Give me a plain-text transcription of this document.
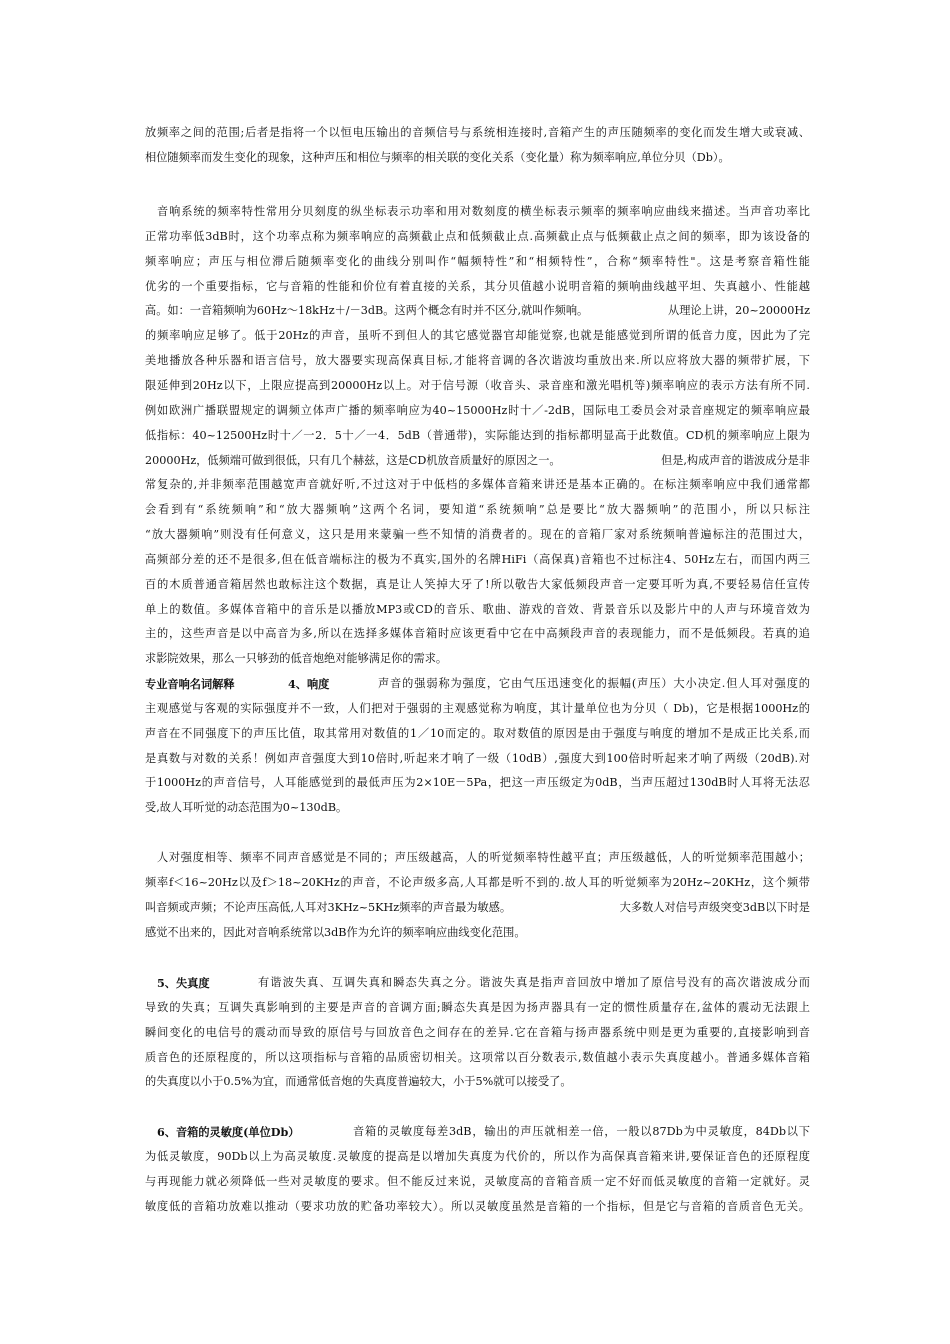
放频率之间的范围;后者是指将一个以恒电压输出的音频信号与系统相连接时,音箱产生的声压随频率的变化而发生增大或衰减、
相位随频率而发生变化的现象，这种声压和相位与频率的相关联的变化关系（变化量）称为频率响应,单位分贝（Db）。
音响系统的频率特性常用分贝刻度的纵坐标表示功率和用对数刻度的横坐标表示频率的频率响应曲线来描述。当声音功率比
正常功率低3dB时，这个功率点称为频率响应的高频截止点和低频截止点.高频截止点与低频截止点之间的频率，即为该设备的
频率响应；声压与相位滞后随频率变化的曲线分别叫作“幅频特性”和“相频特性”，合称“频率特性"。这是考察音箱性能
优劣的一个重要指标，它与音箱的性能和价位有着直接的关系，其分贝值越小说明音箱的频响曲线越平坦、失真越小、性能越
高。如：一音箱频响为60Hz～18kHz＋/－3dB。这两个概念有时并不区分,就叫作频响。	从理论上讲，20~20000Hz
的频率响应足够了。低于20Hz的声音，虽听不到但人的其它感觉器官却能觉察,也就是能感觉到所谓的低音力度，因此为了完
美地播放各种乐器和语言信号，放大器要实现高保真目标,才能将音调的各次谐波均重放出来.所以应将放大器的频带扩展，下
限延伸到20Hz以下，上限应提高到20000Hz以上。对于信号源（收音头、录音座和激光唱机等)频率响应的表示方法有所不同.
例如欧洲广播联盟规定的调频立体声广播的频率响应为40~15000Hz时十／-2dB，国际电工委员会对录音座规定的频率响应最
低指标：40~12500Hz时十／一2．5十／一4．5dB（普通带)，实际能达到的指标都明显高于此数值。CD机的频率响应上限为
20000Hz，低频端可做到很低，只有几个赫兹，这是CD机放音质量好的原因之一。	但是,构成声音的谐波成分是非
常复杂的,并非频率范围越宽声音就好听,不过这对于中低档的多媒体音箱来讲还是基本正确的。在标注频率响应中我们通常都
会看到有“系统频响”和“放大器频响”这两个名词，要知道“系统频响”总是要比“放大器频响”的范围小，所以只标注
“放大器频响”则没有任何意义，这只是用来蒙骗一些不知情的消费者的。现在的音箱厂家对系统频响普遍标注的范围过大，
高频部分差的还不是很多,但在低音端标注的极为不真实,国外的名牌HiFi（高保真)音箱也不过标注4、50Hz左右，而国内两三
百的木质普通音箱居然也敢标注这个数据，真是让人笑掉大牙了!所以敬告大家低频段声音一定要耳听为真,不要轻易信任宣传
单上的数值。多媒体音箱中的音乐是以播放MP3或CD的音乐、歌曲、游戏的音效、背景音乐以及影片中的人声与环境音效为
主的，这些声音是以中高音为多,所以在选择多媒体音箱时应该更看中它在中高频段声音的表现能力，而不是低频段。若真的追
求影院效果，那么一只够劲的低音炮绝对能够满足你的需求。
专业音响名词解释	4、响度	声音的强弱称为强度，它由气压迅速变化的振幅(声压）大小决定.但人耳对强度的
主观感觉与客观的实际强度并不一致，人们把对于强弱的主观感觉称为响度，其计量单位也为分贝（ Db)，它是根据1000Hz的
声音在不同强度下的声压比值，取其常用对数值的1／10而定的。取对数值的原因是由于强度与响度的增加不是成正比关系,而
是真数与对数的关系！例如声音强度大到10倍时,听起来才响了一级（10dB）,强度大到100倍时听起来才响了两级（20dB).对
于1000Hz的声音信号，人耳能感觉到的最低声压为2×10E－5Pa，把这一声压级定为0dB，当声压超过130dB时人耳将无法忍
受,故人耳听觉的动态范围为0~130dB。
人对强度相等、频率不同声音感觉是不同的；声压级越高，人的听觉频率特性越平直；声压级越低，人的听觉频率范围越小；
频率f＜16~20Hz以及f＞18~20KHz的声音，不论声级多高,人耳都是听不到的.故人耳的听觉频率为20Hz~20KHz，这个频带
叫音频或声频；不论声压高低,人耳对3KHz~5KHz频率的声音最为敏感。	大多数人对信号声级突变3dB以下时是
感觉不出来的，因此对音响系统常以3dB作为允许的频率响应曲线变化范围。
5、失真度	有谐波失真、互调失真和瞬态失真之分。谐波失真是指声音回放中增加了原信号没有的高次谐波成分而
导致的失真；互调失真影响到的主要是声音的音调方面;瞬态失真是因为扬声器具有一定的惯性质量存在,盆体的震动无法跟上
瞬间变化的电信号的震动而导致的原信号与回放音色之间存在的差异.它在音箱与扬声器系统中则是更为重要的,直接影响到音
质音色的还原程度的，所以这项指标与音箱的品质密切相关。这项常以百分数表示,数值越小表示失真度越小。普通多媒体音箱
的失真度以小于0.5%为宜，而通常低音炮的失真度普遍较大，小于5%就可以接受了。
6、音箱的灵敏度(单位Db）	音箱的灵敏度每差3dB，输出的声压就相差一倍，一般以87Db为中灵敏度，84Db以下
为低灵敏度，90Db以上为高灵敏度.灵敏度的提高是以增加失真度为代价的，所以作为高保真音箱来讲,要保证音色的还原程度
与再现能力就必须降低一些对灵敏度的要求。但不能反过来说，灵敏度高的音箱音质一定不好而低灵敏度的音箱一定就好。灵
敏度低的音箱功放难以推动（要求功放的贮备功率较大）。所以灵敏度虽然是音箱的一个指标，但是它与音箱的音质音色无关。
